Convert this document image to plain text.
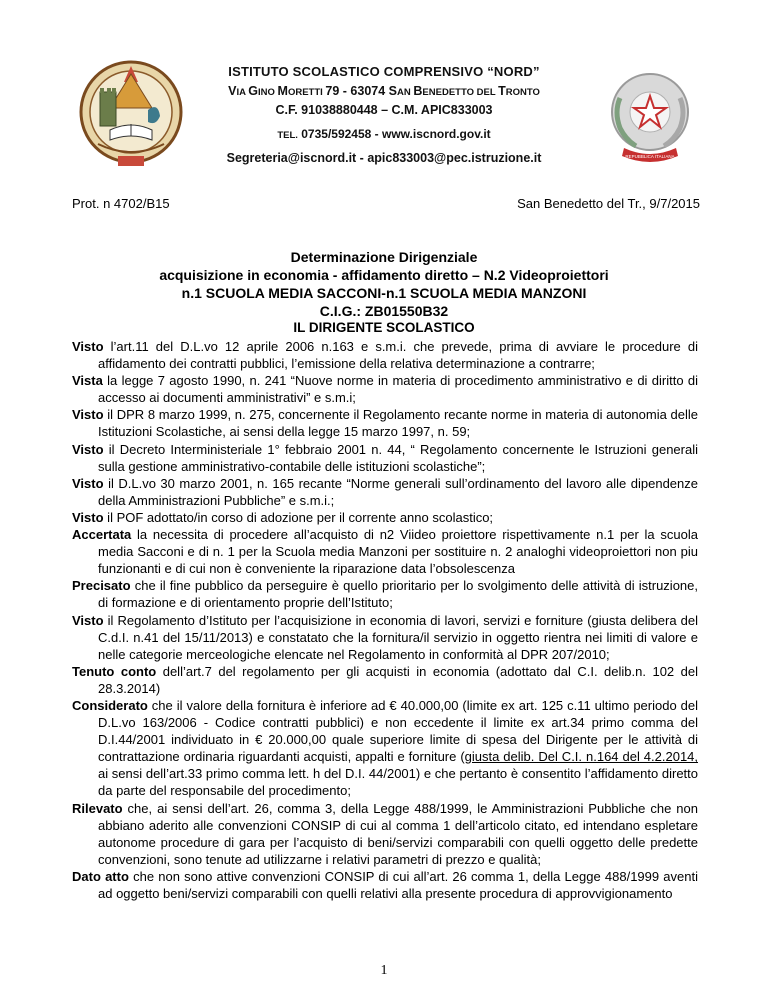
REPUBBLICA ITALIANA
ISTITUTO SCOLASTICO COMPRENSIVO “NORD”
VIA GINO MORETTI 79 - 63074 SAN BENEDETTO DEL TRONTO
C.F. 91038880448 – C.M. APIC833003
TEL. 0735/592458 - www.iscnord.gov.it
Segreteria@iscnord.it - apic833003@pec.istruzione.it
Prot. n 4702/B15	San Benedetto del Tr., 9/7/2015
Determinazione Dirigenziale
acquisizione in economia - affidamento diretto – N.2 Videoproiettori
n.1 SCUOLA MEDIA SACCONI-n.1 SCUOLA MEDIA MANZONI
C.I.G.: ZB01550B32
IL DIRIGENTE SCOLASTICO

Visto l’art.11 del D.L.vo 12 aprile 2006 n.163 e s.m.i. che prevede, prima di avviare le procedure di affidamento dei contratti pubblici, l’emissione della relativa determinazione a contrarre;

Vista la legge 7 agosto 1990, n. 241 “Nuove norme in materia di procedimento amministrativo e di diritto di accesso ai documenti amministrativi” e s.m.i;

Visto il DPR 8 marzo 1999, n. 275, concernente il Regolamento recante norme in materia di autonomia delle Istituzioni Scolastiche, ai sensi della legge 15 marzo 1997, n. 59;

Visto il Decreto Interministeriale 1° febbraio 2001 n. 44, “ Regolamento concernente le Istruzioni generali sulla gestione amministrativo-contabile delle istituzioni scolastiche”;

Visto il D.L.vo 30 marzo 2001, n. 165 recante “Norme generali sull’ordinamento del lavoro alle dipendenze della Amministrazioni Pubbliche” e s.m.i.;

Visto il POF adottato/in corso di adozione per il corrente anno scolastico;

Accertata la necessita di procedere all’acquisto di n2 Viideo proiettore rispettivamente n.1 per la scuola media Sacconi e di n. 1 per la Scuola media Manzoni per sostituire n. 2 analoghi videoproiettori non piu funzionanti e di cui non è conveniente la riparazione data l’obsolescenza

Precisato che il fine pubblico da perseguire è quello prioritario per lo svolgimento delle attività di istruzione, di formazione e di orientamento proprie dell’Istituto;

Visto il Regolamento d’Istituto per l’acquisizione in economia di lavori, servizi e forniture (giusta delibera del C.d.I. n.41 del 15/11/2013) e constatato che la fornitura/il servizio in oggetto rientra nei limiti di valore e nelle categorie merceologiche elencate nel Regolamento in conformità al DPR 207/2010;

Tenuto conto dell’art.7 del regolamento per gli acquisti in economia (adottato dal C.I. delib.n. 102 del 28.3.2014)

Considerato che il valore della fornitura è inferiore ad € 40.000,00 (limite ex art. 125 c.11 ultimo periodo del D.L.vo 163/2006 - Codice contratti pubblici) e non eccedente il limite ex art.34 primo comma del D.I.44/2001 individuato in € 20.000,00 quale superiore limite di spesa del Dirigente per le attività di contrattazione ordinaria riguardanti acquisti, appalti e forniture (giusta delib. Del C.I. n.164 del 4.2.2014, ai sensi dell’art.33 primo comma lett. h del D.I. 44/2001) e che pertanto è consentito l’affidamento diretto da parte del responsabile del procedimento;

Rilevato che, ai sensi dell’art. 26, comma 3, della Legge 488/1999, le Amministrazioni Pubbliche che non abbiano aderito alle convenzioni CONSIP di cui al comma 1 dell’articolo citato, ed intendano espletare autonome procedure di gara per l’acquisto di beni/servizi comparabili con quelli oggetto delle predette convenzioni, sono tenute ad utilizzarne i relativi parametri di prezzo e qualità;

Dato atto che non sono attive convenzioni CONSIP di cui all’art. 26 comma 1, della Legge 488/1999 aventi ad oggetto beni/servizi comparabili con quelli relativi alla presente procedura di approvvigionamento

1
